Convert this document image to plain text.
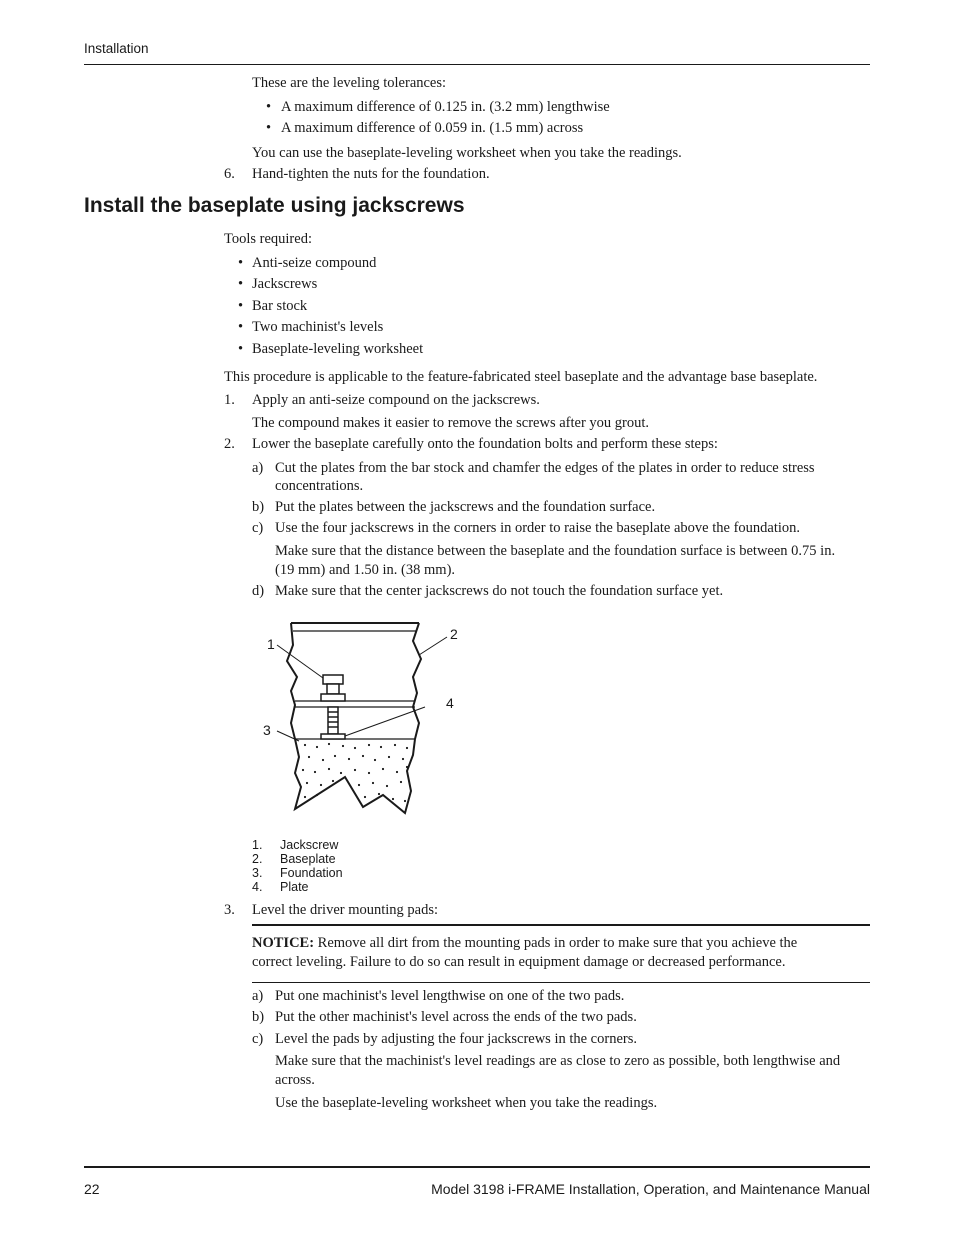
Installation
These are the leveling tolerances:
• A maximum difference of 0.125 in. (3.2 mm) lengthwise
• A maximum difference of 0.059 in. (1.5 mm) across
You can use the baseplate-leveling worksheet when you take the readings.
6. Hand-tighten the nuts for the foundation.
Install the baseplate using jackscrews
Tools required:
• Anti-seize compound
• Jackscrews
• Bar stock
• Two machinist's levels
• Baseplate-leveling worksheet
This procedure is applicable to the feature-fabricated steel baseplate and the advantage base baseplate.
1. Apply an anti-seize compound on the jackscrews.
The compound makes it easier to remove the screws after you grout.
2. Lower the baseplate carefully onto the foundation bolts and perform these steps:
a) Cut the plates from the bar stock and chamfer the edges of the plates in order to reduce stress
concentrations.
b) Put the plates between the jackscrews and the foundation surface.
c) Use the four jackscrews in the corners in order to raise the baseplate above the foundation.
Make sure that the distance between the baseplate and the foundation surface is between 0.75 in.
(19 mm) and 1.50 in. (38 mm).
d) Make sure that the center jackscrews do not touch the foundation surface yet.
1
2
3
4
1. Jackscrew
2. Baseplate
3. Foundation
4. Plate
3. Level the driver mounting pads:
NOTICE: Remove all dirt from the mounting pads in order to make sure that you achieve the
correct leveling. Failure to do so can result in equipment damage or decreased performance.
a) Put one machinist's level lengthwise on one of the two pads.
b) Put the other machinist's level across the ends of the two pads.
c) Level the pads by adjusting the four jackscrews in the corners.
Make sure that the machinist's level readings are as close to zero as possible, both lengthwise and
across.
Use the baseplate-leveling worksheet when you take the readings.
22	Model 3198 i-FRAME Installation, Operation, and Maintenance Manual
